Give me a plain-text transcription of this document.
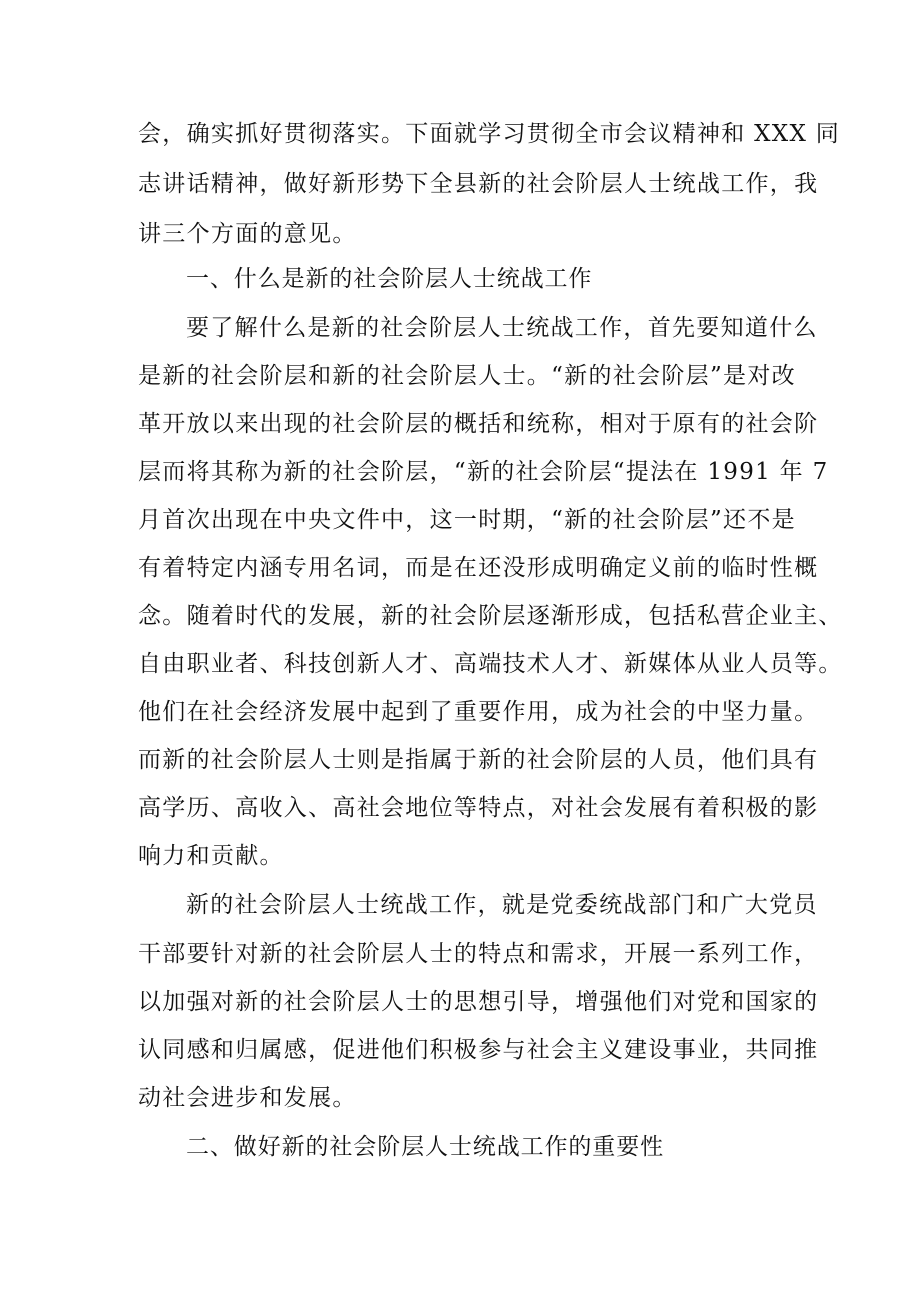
会，确实抓好贯彻落实。下面就学习贯彻全市会议精神和 XXX 同
志讲话精神，做好新形势下全县新的社会阶层人士统战工作，我
讲三个方面的意见。
一、什么是新的社会阶层人士统战工作
要了解什么是新的社会阶层人士统战工作，首先要知道什么
是新的社会阶层和新的社会阶层人士。“新的社会阶层”是对改
革开放以来出现的社会阶层的概括和统称，相对于原有的社会阶
层而将其称为新的社会阶层，“新的社会阶层“提法在 1991 年 7
月首次出现在中央文件中，这一时期，“新的社会阶层”还不是
有着特定内涵专用名词，而是在还没形成明确定义前的临时性概
念。随着时代的发展，新的社会阶层逐渐形成，包括私营企业主、
自由职业者、科技创新人才、高端技术人才、新媒体从业人员等。
他们在社会经济发展中起到了重要作用，成为社会的中坚力量。
而新的社会阶层人士则是指属于新的社会阶层的人员，他们具有
高学历、高收入、高社会地位等特点，对社会发展有着积极的影
响力和贡献。
新的社会阶层人士统战工作，就是党委统战部门和广大党员
干部要针对新的社会阶层人士的特点和需求，开展一系列工作，
以加强对新的社会阶层人士的思想引导，增强他们对党和国家的
认同感和归属感，促进他们积极参与社会主义建设事业，共同推
动社会进步和发展。
二、做好新的社会阶层人士统战工作的重要性
